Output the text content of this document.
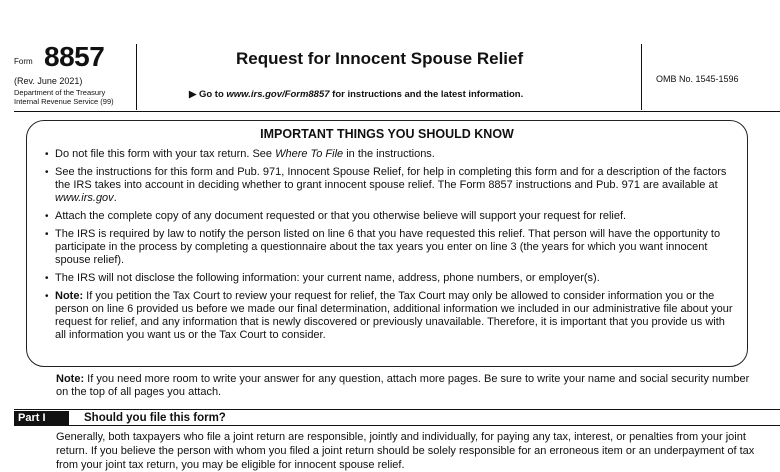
Form 8857
(Rev. June 2021)
Department of the Treasury
Internal Revenue Service (99)
Request for Innocent Spouse Relief
▶ Go to www.irs.gov/Form8857 for instructions and the latest information.
OMB No. 1545-1596
IMPORTANT THINGS YOU SHOULD KNOW
• Do not file this form with your tax return. See Where To File in the instructions.
• See the instructions for this form and Pub. 971, Innocent Spouse Relief, for help in completing this form and for a description of the factors the IRS takes into account in deciding whether to grant innocent spouse relief. The Form 8857 instructions and Pub. 971 are available at www.irs.gov.
• Attach the complete copy of any document requested or that you otherwise believe will support your request for relief.
• The IRS is required by law to notify the person listed on line 6 that you have requested this relief. That person will have the opportunity to participate in the process by completing a questionnaire about the tax years you enter on line 3 (the years for which you want innocent spouse relief).
• The IRS will not disclose the following information: your current name, address, phone numbers, or employer(s).
• Note: If you petition the Tax Court to review your request for relief, the Tax Court may only be allowed to consider information you or the person on line 6 provided us before we made our final determination, additional information we included in our administrative file about your request for relief, and any information that is newly discovered or previously unavailable. Therefore, it is important that you provide us with all information you want us or the Tax Court to consider.
Note: If you need more room to write your answer for any question, attach more pages. Be sure to write your name and social security number on the top of all pages you attach.
Part I	Should you file this form?
Generally, both taxpayers who file a joint return are responsible, jointly and individually, for paying any tax, interest, or penalties from your joint return. If you believe the person with whom you filed a joint return should be solely responsible for an erroneous item or an underpayment of tax from your joint tax return, you may be eligible for innocent spouse relief.
